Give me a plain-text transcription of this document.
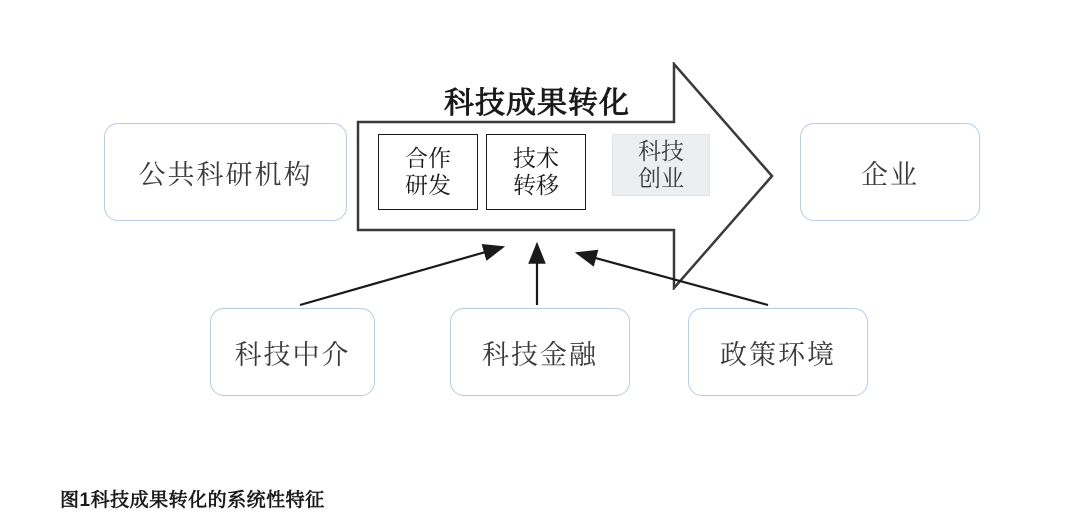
科技成果转化
合作
研发
技术
转移
科技
创业
公共科研机构	企业
科技中介	科技金融	政策环境
图1科技成果转化的系统性特征
